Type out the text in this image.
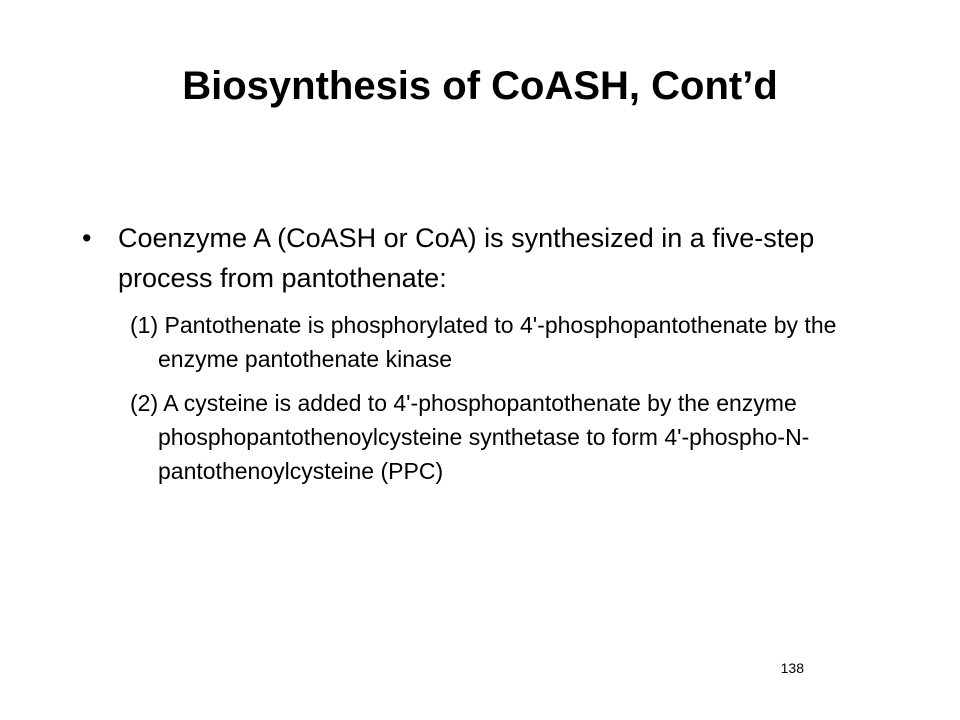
Biosynthesis of CoASH, Cont’d
• Coenzyme A (CoASH or CoA) is synthesized in a five-step process from pantothenate:
(1) Pantothenate is phosphorylated to 4'-phosphopantothenate by the enzyme pantothenate kinase
(2) A cysteine is added to 4'-phosphopantothenate by the enzyme phosphopantothenoylcysteine synthetase to form 4'-phospho-N-pantothenoylcysteine (PPC)
138
